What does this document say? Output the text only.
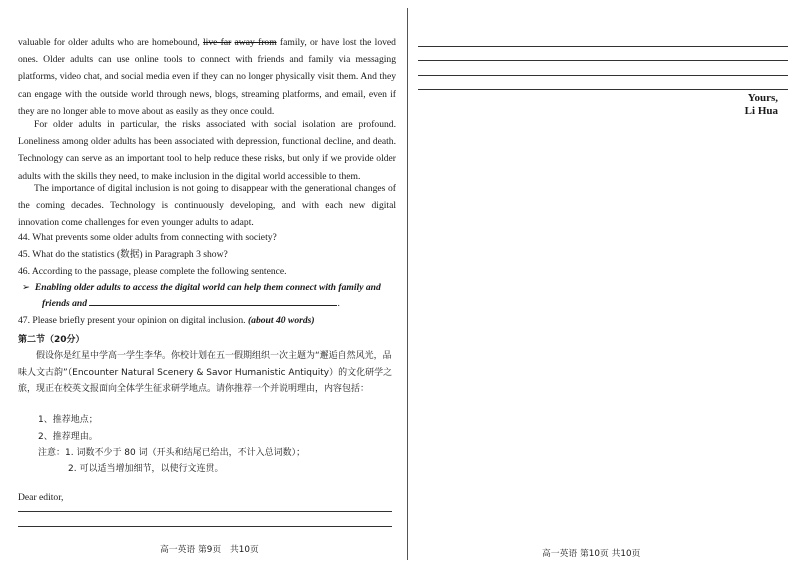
valuable for older adults who are homebound, live far away from family, or have lost the loved ones. Older adults can use online tools to connect with friends and family via messaging platforms, video chat, and social media even if they can no longer physically visit them. And they can engage with the outside world through news, blogs, streaming platforms, and email, even if they are no longer able to move about as easily as they once could.

For older adults in particular, the risks associated with social isolation are profound. Loneliness among older adults has been associated with depression, functional decline, and death. Technology can serve as an important tool to help reduce these risks, but only if we provide older adults with the skills they need, to make inclusion in the digital world accessible to them.

The importance of digital inclusion is not going to disappear with the generational changes of the coming decades. Technology is continuously developing, and with each new digital innovation come challenges for even younger adults to adapt.

44. What prevents some older adults from connecting with society?
45. What do the statistics (数据) in Paragraph 3 show?
46. According to the passage, please complete the following sentence.
➢ Enabling older adults to access the digital world can help them connect with family and
friends and	.
47. Please briefly present your opinion on digital inclusion. (about 40 words)
第二节（20分）
假设你是红星中学高一学生李华。你校计划在五一假期组织一次主题为“邂逅自然风光，品味人文古韵”（Encounter Natural Scenery & Savor Humanistic Antiquity）的文化研学之旅，现正在校英文报面向全体学生征求研学地点。请你推荐一个并说明理由，内容包括：
1、推荐地点；
2、推荐理由。
注意：1. 词数不少于 80 词（开头和结尾已给出，不计入总词数）；
2. 可以适当增加细节，以使行文连贯。
Dear editor,
高一英语 第9页　共10页
Yours,
Li Hua
高一英语 第10页 共10页
